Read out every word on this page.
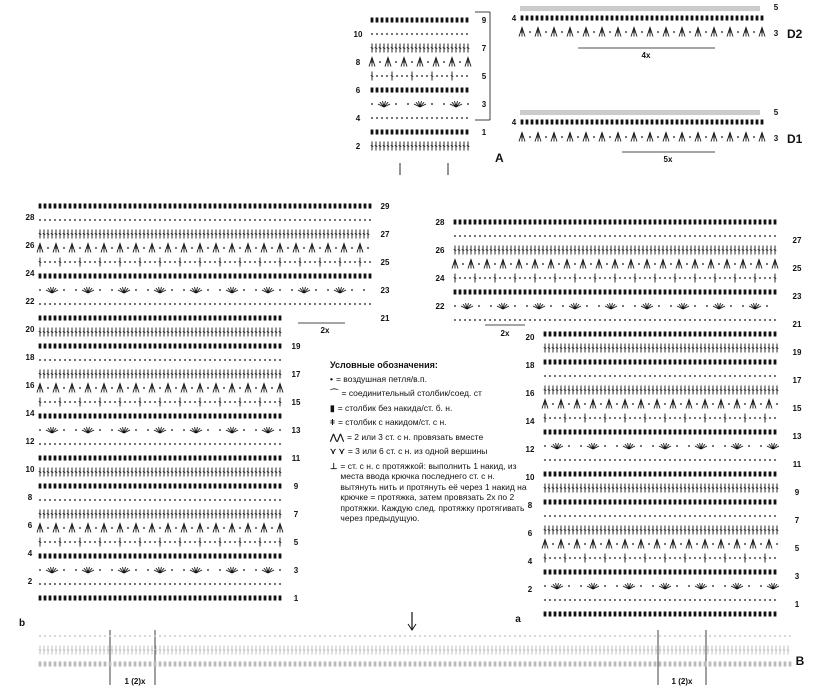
10
8
6
4
2
9
7
5
3
1
A
4
5
3 D2
4x
4
5
3 D1
5x
28
26
24
22
20
18
16
14
12
10
8
6
4
2
29
27
25
23
21
19
17
15
13
11
9
7
5
3
1
2x
b
1 (2)x
28
26
24
22
20
18
16
14
12
10
8
6
4
2
27
25
23
21
19
17
15
13
11
9
7
5
3
1
2x
a
1 (2)x
B
Условные обозначения:
• = воздушная петля/в.п.
⌒ = соединительный столбик/соед. ст
▮ = столбик без накида/ст. б. н.
ǂ = столбик с накидом/ст. с н.
⋀⋀ = 2 или 3 ст. с н. провязать вместе
⋎ ⋎ = 3 или 6 ст. с н. из одной вершины
⊥ = ст. с н. с протяжкой: выполнить 1 накид, из места ввода крючка последнего ст. с н. вытянуть нить и протянуть её через 1 накид на крючке = протяжка, затем провязать 2x по 2 протяжки. Каждую след. протяжку протягивать через предыдущую.
